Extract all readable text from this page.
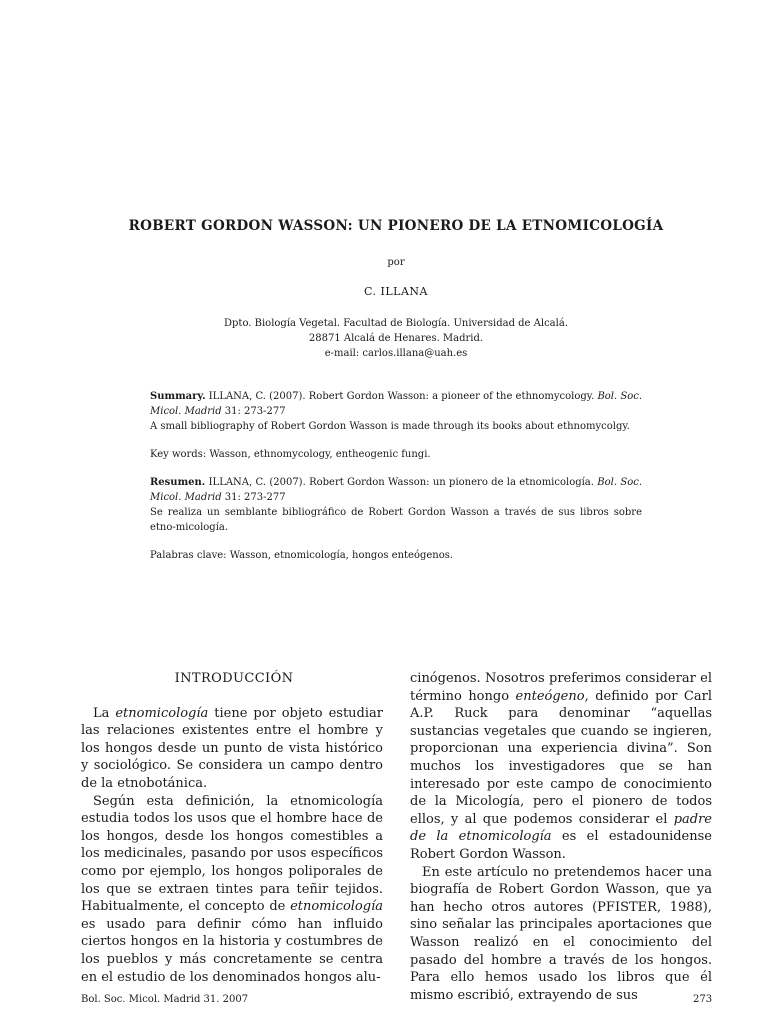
ROBERT GORDON WASSON: UN PIONERO DE LA ETNOMICOLOGÍA
por
C. ILLANA
Dpto. Biología Vegetal. Facultad de Biología. Universidad de Alcalá.
28871 Alcalá de Henares. Madrid.
e-mail: carlos.illana@uah.es

Summary. ILLANA, C. (2007). Robert Gordon Wasson: a pioneer of the ethnomycology. Bol. Soc. Micol. Madrid 31: 273-277
A small bibliography of Robert Gordon Wasson is made through its books about ethnomycolgy.

Key words: Wasson, ethnomycology, entheogenic fungi.

Resumen. ILLANA, C. (2007). Robert Gordon Wasson: un pionero de la etnomicología. Bol. Soc. Micol. Madrid 31: 273-277
Se realiza un semblante bibliográfico de Robert Gordon Wasson a través de sus libros sobre etno-micología.

Palabras clave: Wasson, etnomicología, hongos enteógenos.

INTRODUCCIÓN

La etnomicología tiene por objeto estudiar las relaciones existentes entre el hombre y los hongos desde un punto de vista histórico y sociológico. Se considera un campo dentro de la etnobotánica.

Según esta definición, la etnomicología estudia todos los usos que el hombre hace de los hongos, desde los hongos comestibles a los medicinales, pasando por usos específicos como por ejemplo, los hongos poliporales de los que se extraen tintes para teñir tejidos. Habitualmente, el concepto de etnomicología es usado para definir cómo han influido ciertos hongos en la historia y costumbres de los pueblos y más concretamente se centra en el estudio de los denominados hongos alu-

cinógenos. Nosotros preferimos considerar el término hongo enteógeno, definido por Carl A.P. Ruck para denominar “aquellas sustancias vegetales que cuando se ingieren, proporcionan una experiencia divina”. Son muchos los investigadores que se han interesado por este campo de conocimiento de la Micología, pero el pionero de todos ellos, y al que podemos considerar el padre de la etnomicología es el estadounidense Robert Gordon Wasson.

En este artículo no pretendemos hacer una biografía de Robert Gordon Wasson, que ya han hecho otros autores (PFISTER, 1988), sino señalar las principales aportaciones que Wasson realizó en el conocimiento del pasado del hombre a través de los hongos. Para ello hemos usado los libros que él mismo escribió, extrayendo de sus

Bol. Soc. Micol. Madrid 31. 2007	273
